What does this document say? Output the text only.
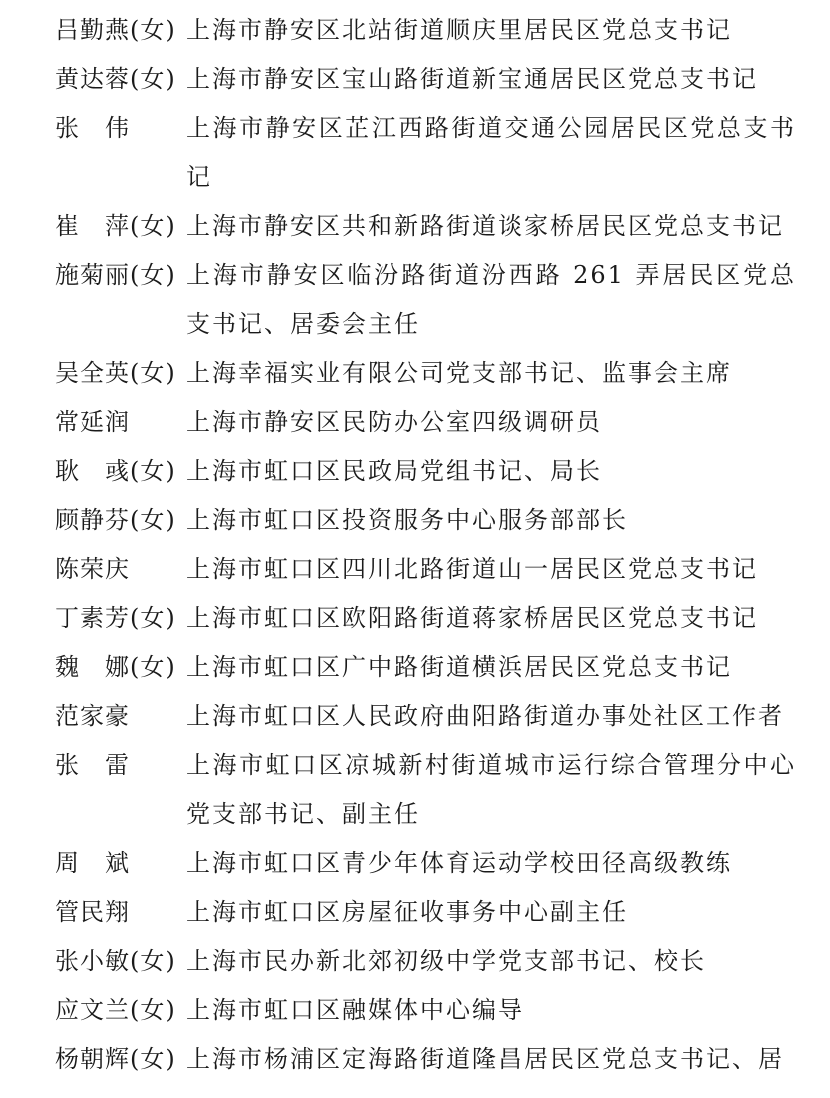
吕勤燕(女) 上海市静安区北站街道顺庆里居民区党总支书记
黄达蓉(女) 上海市静安区宝山路街道新宝通居民区党总支书记
张　伟 上海市静安区芷江西路街道交通公园居民区党总支书记
崔　萍(女) 上海市静安区共和新路街道谈家桥居民区党总支书记
施菊丽(女) 上海市静安区临汾路街道汾西路 261 弄居民区党总支书记、居委会主任
吴全英(女) 上海幸福实业有限公司党支部书记、监事会主席
常延润 上海市静安区民防办公室四级调研员
耿　彧(女) 上海市虹口区民政局党组书记、局长
顾静芬(女) 上海市虹口区投资服务中心服务部部长
陈荣庆 上海市虹口区四川北路街道山一居民区党总支书记
丁素芳(女) 上海市虹口区欧阳路街道蒋家桥居民区党总支书记
魏　娜(女) 上海市虹口区广中路街道横浜居民区党总支书记
范家豪 上海市虹口区人民政府曲阳路街道办事处社区工作者
张　雷 上海市虹口区凉城新村街道城市运行综合管理分中心党支部书记、副主任
周　斌 上海市虹口区青少年体育运动学校田径高级教练
管民翔 上海市虹口区房屋征收事务中心副主任
张小敏(女) 上海市民办新北郊初级中学党支部书记、校长
应文兰(女) 上海市虹口区融媒体中心编导
杨朝辉(女) 上海市杨浦区定海路街道隆昌居民区党总支书记、居
